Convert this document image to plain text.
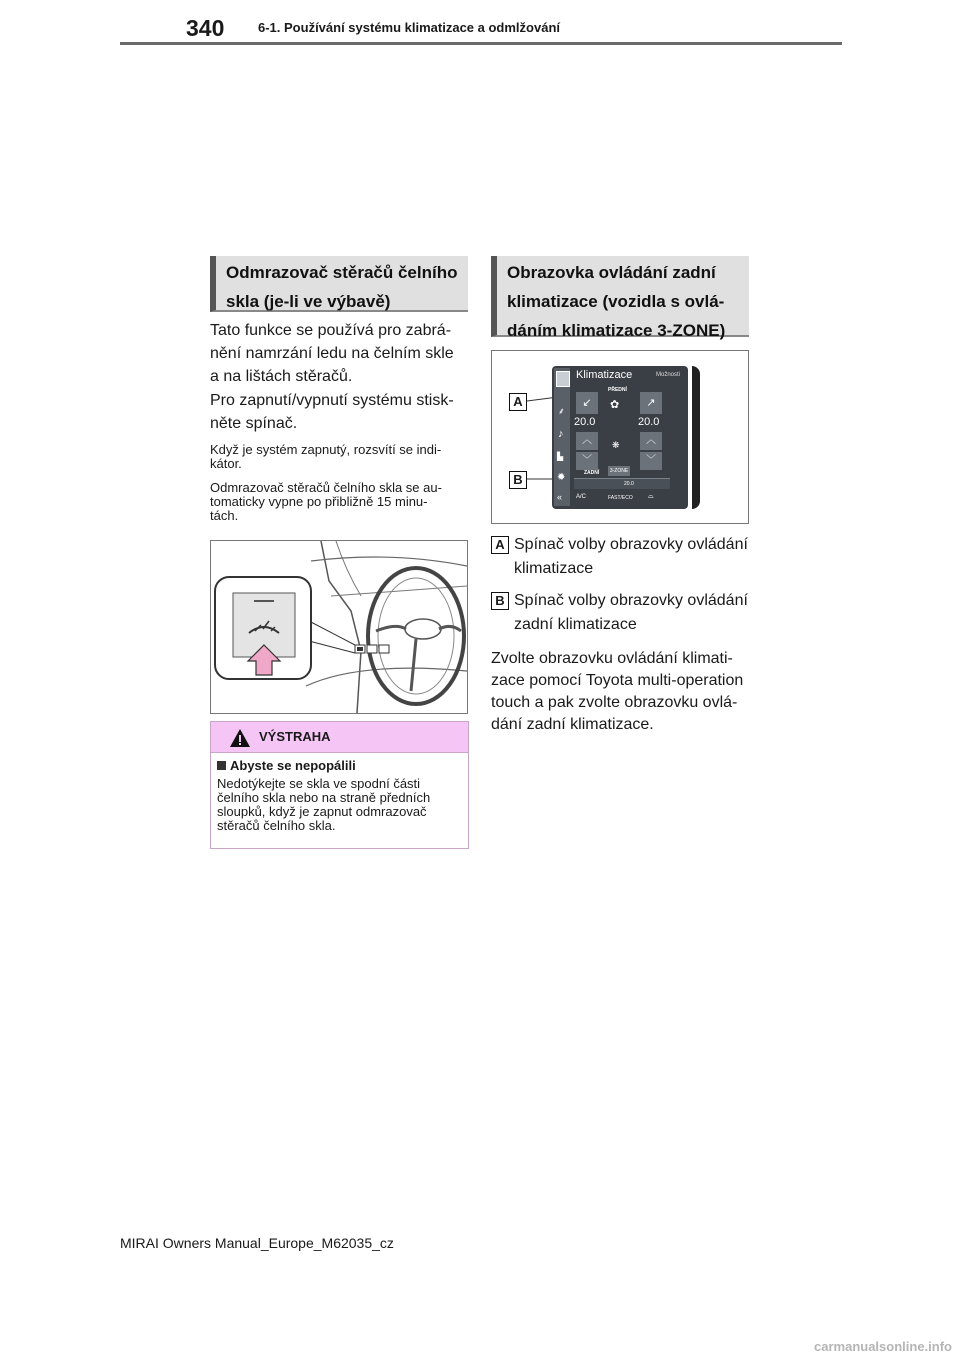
340	6-1. Používání systému klimatizace a odmlžování
Odmrazovač stěračů čelního
skla (je-li ve výbavě)
Tato funkce se používá pro zabrá-
nění namrzání ledu na čelním skle
a na lištách stěračů.
Pro zapnutí/vypnutí systému stisk-
něte spínač.
Když je systém zapnutý, rozsvítí se indi-
kátor.
Odmrazovač stěračů čelního skla se au-
tomaticky vypne po přibližně 15 minu-
tách.
VÝSTRAHA
Abyste se nepopálili
Nedotýkejte se skla ve spodní části
čelního skla nebo na straně předních
sloupků, když je zapnut odmrazovač
stěračů čelního skla.
Obrazovka ovládání zadní
klimatizace (vozidla s ovlá-
dáním klimatizace 3-ZONE)
A
B
Klimatizace	Možnosti
⸙
♪
▙
✹
«
PŘEDNÍ
↙
20.0
︿
﹀
✿
❋
↗
20.0
︿
﹀
ZADNÍ	3-ZONE
20.0
A/C	FAST/ECO ⌓
A Spínač volby obrazovky ovládání
klimatizace
B Spínač volby obrazovky ovládání
zadní klimatizace
Zvolte obrazovku ovládání klimati-
zace pomocí Toyota multi-operation
touch a pak zvolte obrazovku ovlá-
dání zadní klimatizace.
MIRAI Owners Manual_Europe_M62035_cz
carmanualsonline.info
